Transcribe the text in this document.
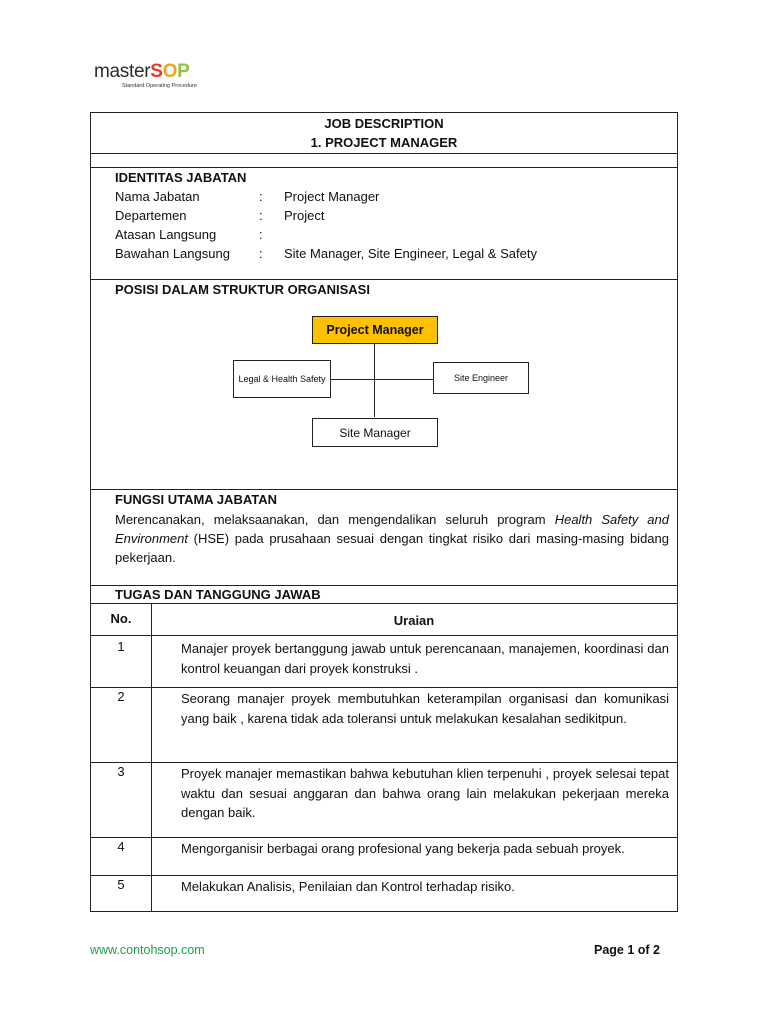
masterSOP
Standard Operating Procedure
JOB DESCRIPTION
1. PROJECT MANAGER
IDENTITAS JABATAN
Nama Jabatan	: Project Manager
Departemen	: Project
Atasan Langsung	:
Bawahan Langsung : Site Manager, Site Engineer, Legal & Safety
POSISI DALAM STRUKTUR ORGANISASI
Project Manager
Legal & Health Safety	Site Engineer
Site Manager
FUNGSI UTAMA JABATAN
Merencanakan, melaksaanakan, dan mengendalikan seluruh program Health Safety and Environment (HSE) pada prusahaan sesuai dengan tingkat risiko dari masing-masing bidang pekerjaan.
TUGAS DAN TANGGUNG JAWAB
No.	Uraian
1	Manajer proyek bertanggung jawab untuk perencanaan, manajemen, koordinasi dan kontrol keuangan dari proyek konstruksi .
2	Seorang manajer proyek membutuhkan keterampilan organisasi dan komunikasi yang baik , karena tidak ada toleransi untuk melakukan kesalahan sedikitpun.
3	Proyek manajer memastikan bahwa kebutuhan klien terpenuhi , proyek selesai tepat waktu dan sesuai anggaran dan bahwa orang lain melakukan pekerjaan mereka dengan baik.
4	Mengorganisir berbagai orang profesional yang bekerja pada sebuah proyek.
5	Melakukan Analisis, Penilaian dan Kontrol terhadap risiko.
www.contohsop.com	Page 1 of 2
